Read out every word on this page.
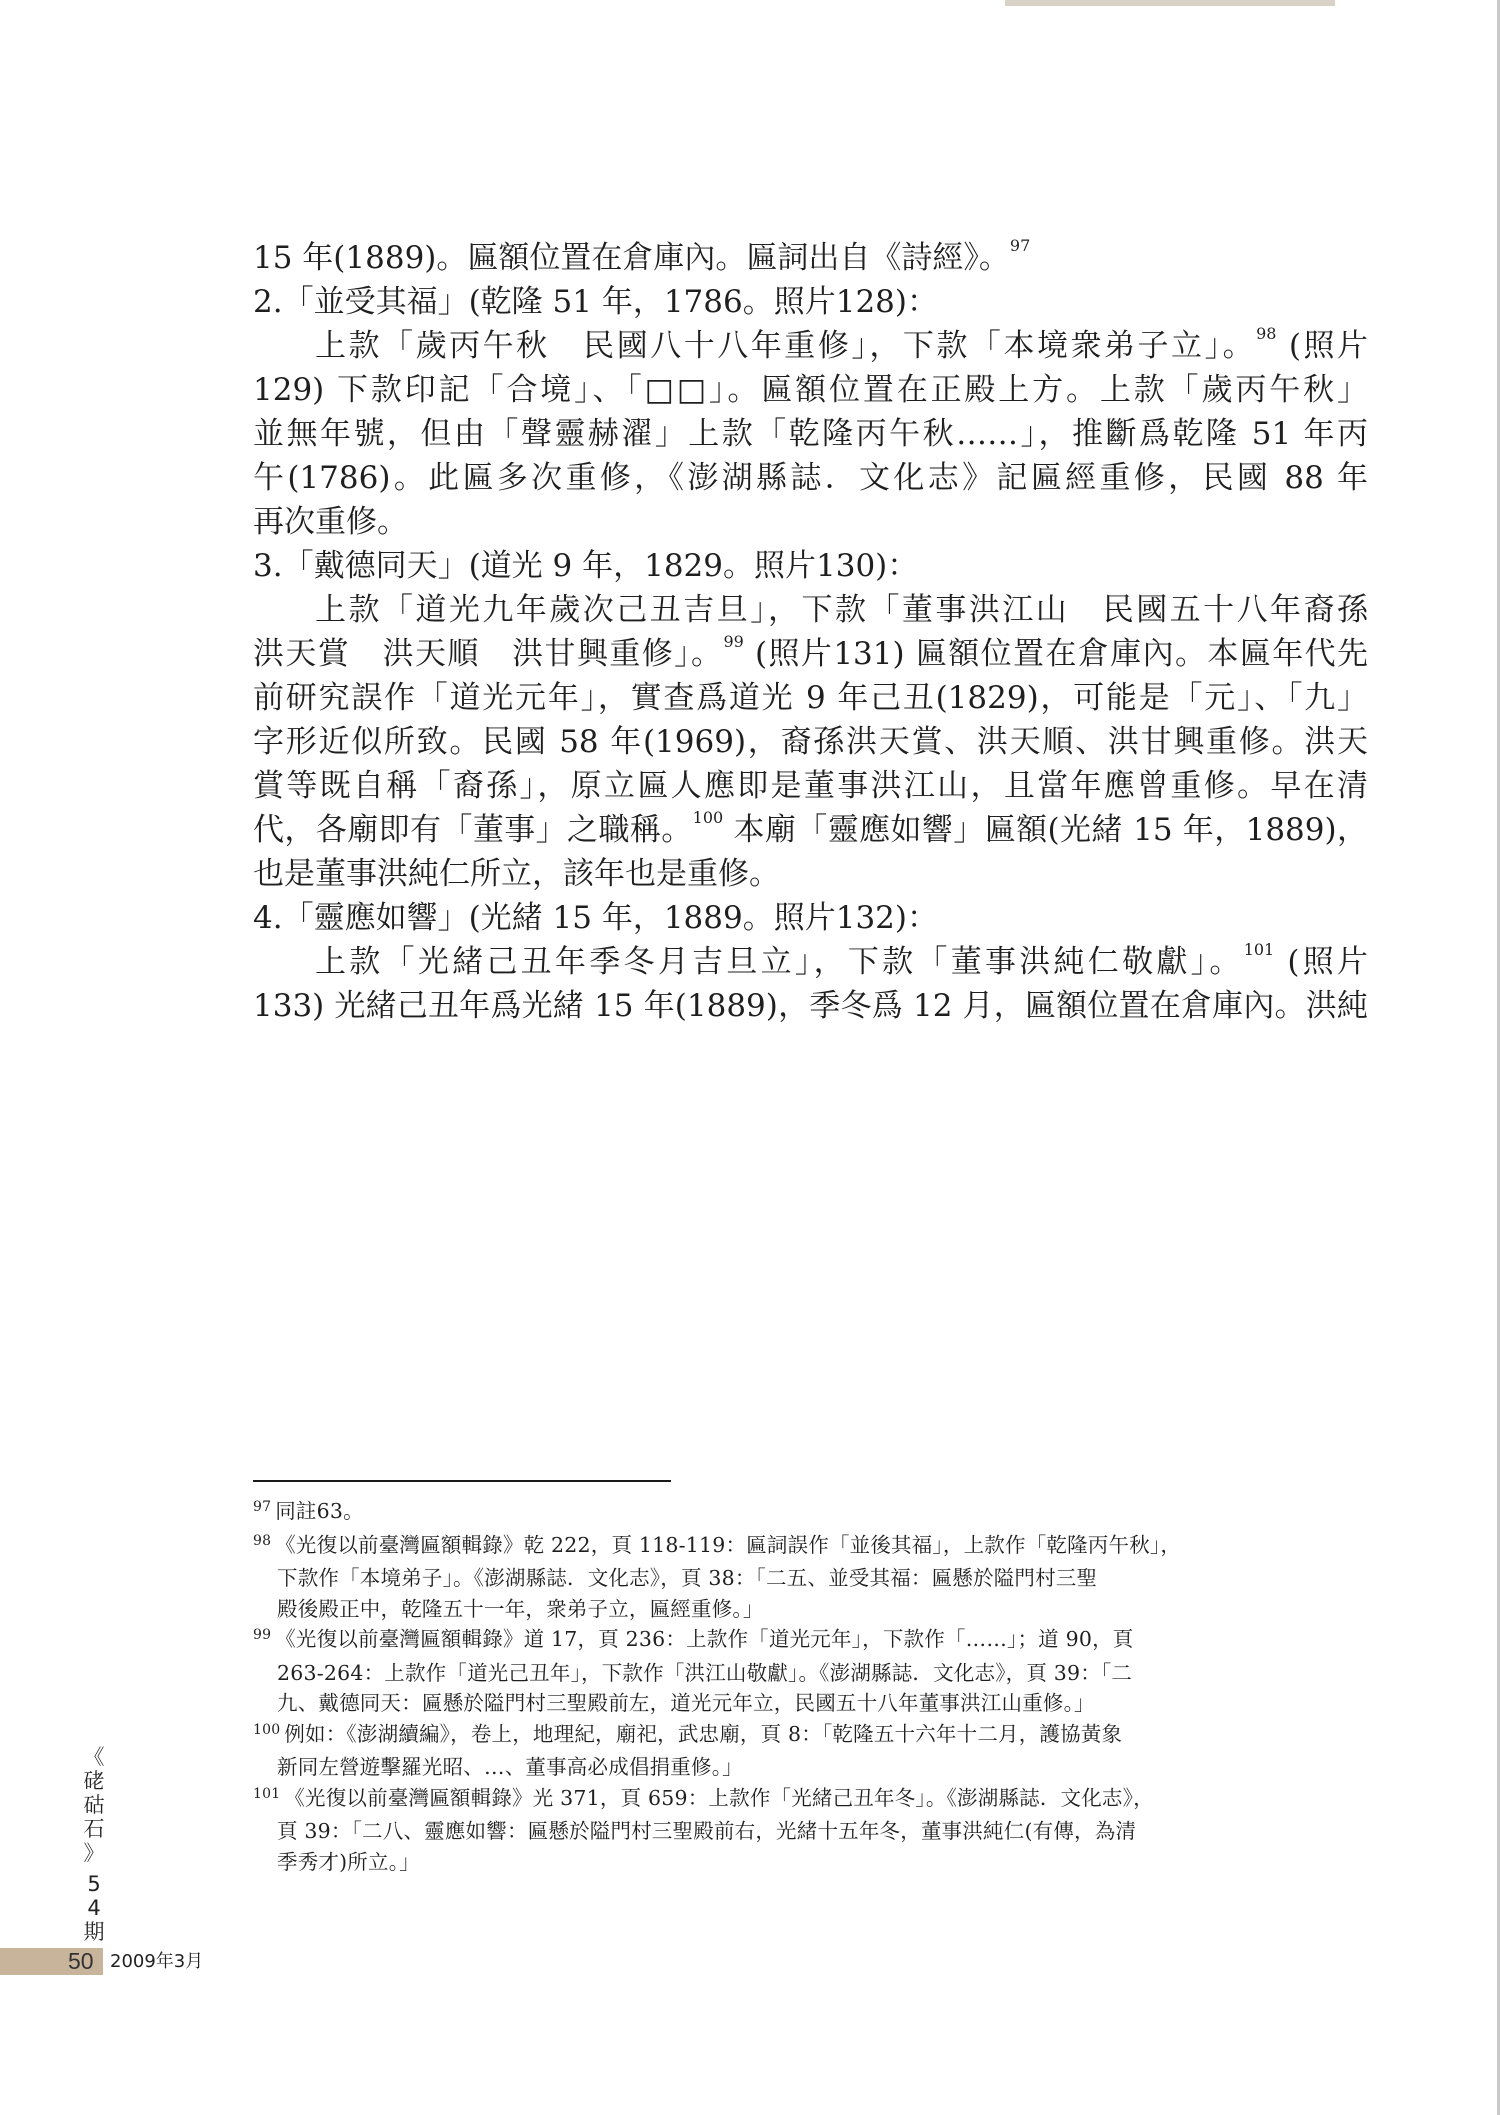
15 年(1889)。匾額位置在倉庫內。匾詞出自《詩經》。$^{97}$
2.「並受其福」(乾隆 51 年，1786。照片128)：
上款「歲丙午秋　民國八十八年重修」，下款「本境衆弟子立」。$^{98}$ (照片
129) 下款印記「合境」、「□□」。匾額位置在正殿上方。上款「歲丙午秋」
並無年號，但由「聲靈赫濯」上款「乾隆丙午秋……」，推斷爲乾隆 51 年丙
午(1786)。此匾多次重修，《澎湖縣誌．文化志》記匾經重修，民國 88 年
再次重修。
3.「戴德同天」(道光 9 年，1829。照片130)：
上款「道光九年歲次己丑吉旦」，下款「董事洪江山　民國五十八年裔孫
洪天賞　洪天順　洪甘興重修」。$^{99}$ (照片131) 匾額位置在倉庫內。本匾年代先
前研究誤作「道光元年」，實查爲道光 9 年己丑(1829)，可能是「元」、「九」
字形近似所致。民國 58 年(1969)，裔孫洪天賞、洪天順、洪甘興重修。洪天
賞等既自稱「裔孫」，原立匾人應即是董事洪江山，且當年應曾重修。早在清
代，各廟即有「董事」之職稱。$^{100}$ 本廟「靈應如響」匾額(光緒 15 年，1889)，
也是董事洪純仁所立，該年也是重修。
4.「靈應如響」(光緒 15 年，1889。照片132)：
上款「光緒己丑年季冬月吉旦立」，下款「董事洪純仁敬獻」。$^{101}$ (照片
133) 光緒己丑年爲光緒 15 年(1889)，季冬爲 12 月，匾額位置在倉庫內。洪純
$^{97}$ 同註63。
$^{98}$ 《光復以前臺灣匾額輯錄》乾 222，頁 118-119：匾詞誤作「並後其福」，上款作「乾隆丙午秋」，
下款作「本境弟子」。《澎湖縣誌．文化志》，頁 38：「二五、並受其福：匾懸於隘門村三聖
殿後殿正中，乾隆五十一年，衆弟子立，匾經重修。」
$^{99}$ 《光復以前臺灣匾額輯錄》道 17，頁 236：上款作「道光元年」，下款作「……」；道 90，頁
263-264：上款作「道光己丑年」，下款作「洪江山敬獻」。《澎湖縣誌．文化志》，頁 39：「二
九、戴德同天：匾懸於隘門村三聖殿前左，道光元年立，民國五十八年董事洪江山重修。」
$^{100}$ 例如：《澎湖續編》，卷上，地理紀，廟祀，武忠廟，頁 8：「乾隆五十六年十二月，護協黃象
新同左營遊擊羅光昭、…、董事高必成倡捐重修。」
$^{101}$ 《光復以前臺灣匾額輯錄》光 371，頁 659：上款作「光緒己丑年冬」。《澎湖縣誌．文化志》，
頁 39：「二八、靈應如響：匾懸於隘門村三聖殿前右，光緒十五年冬，董事洪純仁(有傳，為清
季秀才)所立。」
《
硓
𥑮
石
》
5
4
期
50 2009年3月
